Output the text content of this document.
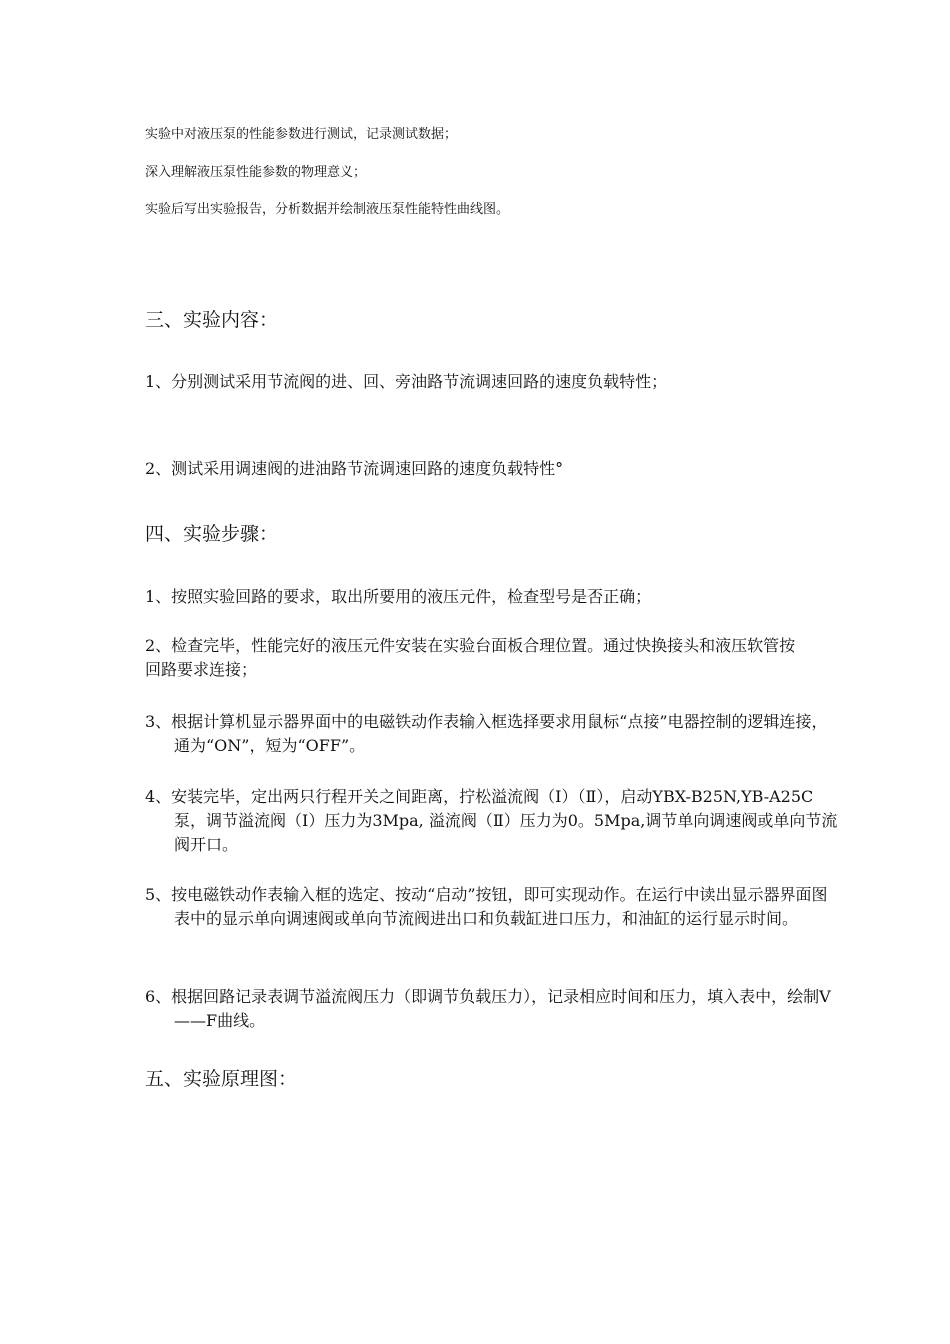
实验中对液压泵的性能参数进行测试，记录测试数据；
深入理解液压泵性能参数的物理意义；
实验后写出实验报告，分析数据并绘制液压泵性能特性曲线图。
三、实验内容：
1、分别测试采用节流阀的进、回、旁油路节流调速回路的速度负载特性；
2、测试采用调速阀的进油路节流调速回路的速度负载特性°
四、实验步骤：
1、按照实验回路的要求，取出所要用的液压元件，检查型号是否正确；
2、检查完毕，性能完好的液压元件安装在实验台面板合理位置。通过快换接头和液压软管按回路要求连接；
3、根据计算机显示器界面中的电磁铁动作表输入框选择要求用鼠标“点接”电器控制的逻辑连接，通为“ON”，短为“OFF”。
4、安装完毕，定出两只行程开关之间距离，拧松溢流阀（Ⅰ）（Ⅱ），启动YBX-B25N,YB-A25C泵，调节溢流阀（Ⅰ）压力为3Mpa, 溢流阀（Ⅱ）压力为0。5Mpa,调节单向调速阀或单向节流阀开口。
5、按电磁铁动作表输入框的选定、按动“启动”按钮，即可实现动作。在运行中读出显示器界面图表中的显示单向调速阀或单向节流阀进出口和负载缸进口压力，和油缸的运行显示时间。
6、根据回路记录表调节溢流阀压力（即调节负载压力），记录相应时间和压力，填入表中，绘制V——F曲线。
五、实验原理图：
